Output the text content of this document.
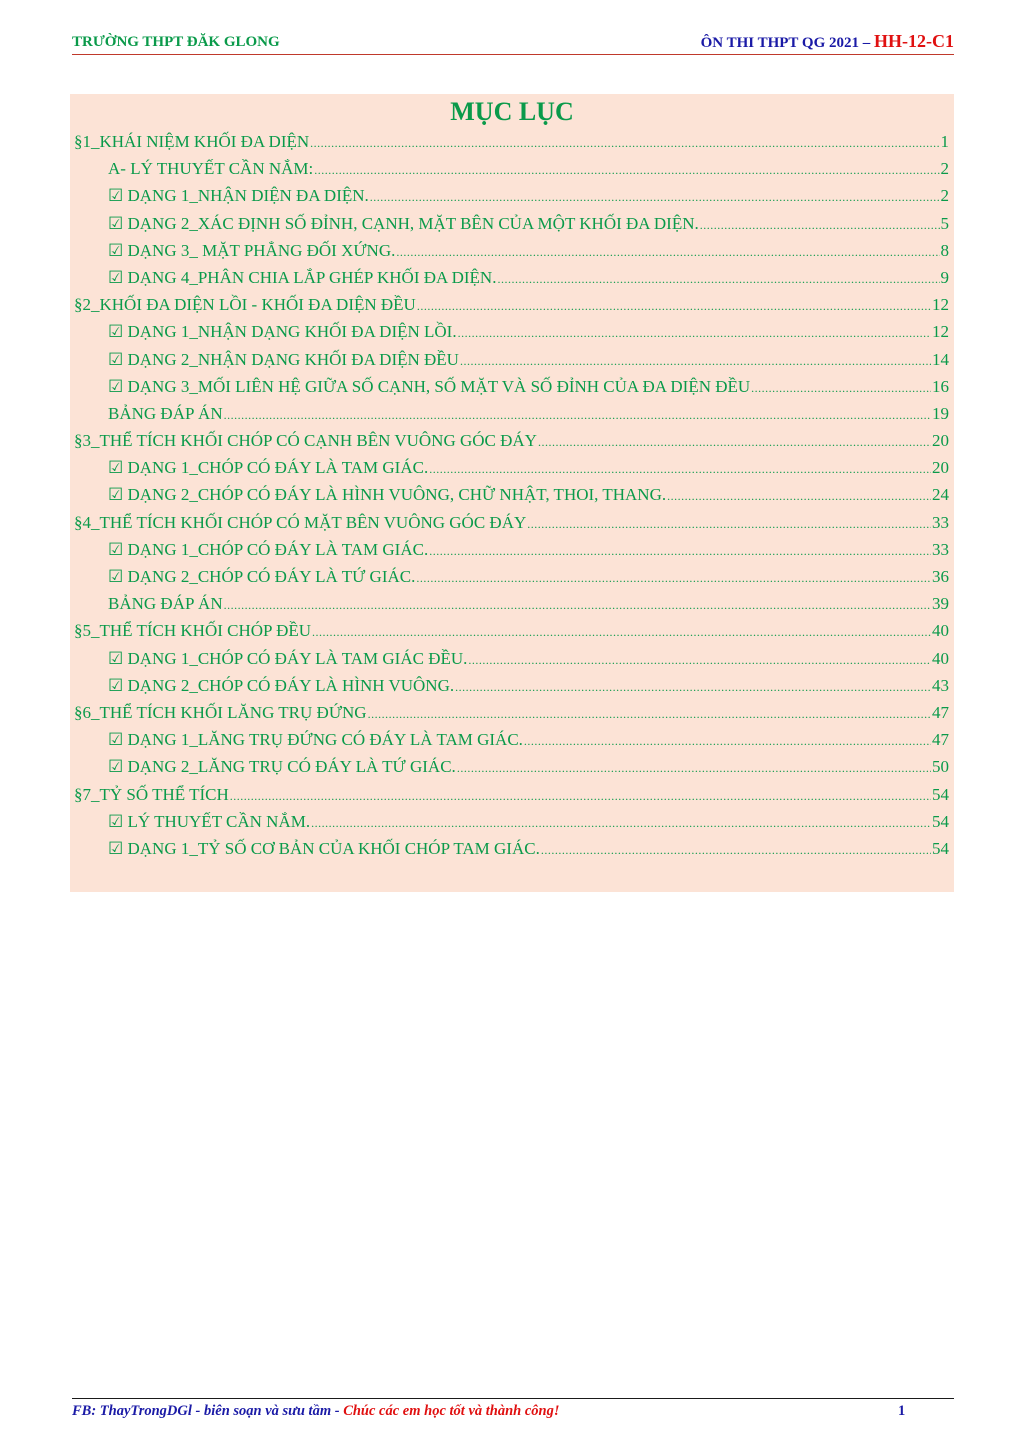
TRƯỜNG THPT ĐĂK GLONG	ÔN THI THPT QG 2021 – HH-12-C1
MỤC LỤC
§1_KHÁI NIỆM KHỐI ĐA DIỆN .....	1
A- LÝ THUYẾT CẦN NẮM: .....	2
☑ DẠNG 1_NHẬN DIỆN ĐA DIỆN. .....	2
☑ DẠNG 2_XÁC ĐỊNH SỐ ĐỈNH, CẠNH, MẶT BÊN CỦA MỘT KHỐI ĐA DIỆN. .....	5
☑ DẠNG 3_ MẶT PHẲNG ĐỐI XỨNG. .....	8
☑ DẠNG 4_PHÂN CHIA LẮP GHÉP KHỐI ĐA DIỆN. .....	9
§2_KHỐI ĐA DIỆN LỒI - KHỐI ĐA DIỆN ĐỀU .....	12
☑ DẠNG 1_NHẬN DẠNG KHỐI ĐA DIỆN LỒI. .....	12
☑ DẠNG 2_NHẬN DẠNG KHỐI ĐA DIỆN ĐỀU .....	14
☑ DẠNG 3_MỐI LIÊN HỆ GIỮA SỐ CẠNH, SỐ MẶT VÀ SỐ ĐỈNH CỦA ĐA DIỆN ĐỀU .....	16
BẢNG ĐÁP ÁN .....	19
§3_THỂ TÍCH KHỐI CHÓP CÓ CẠNH BÊN VUÔNG GÓC ĐÁY .....	20
☑ DẠNG 1_CHÓP CÓ ĐÁY LÀ TAM GIÁC. .....	20
☑ DẠNG 2_CHÓP CÓ ĐÁY LÀ HÌNH VUÔNG, CHỮ NHẬT, THOI, THANG. .....	24
§4_THỂ TÍCH KHỐI CHÓP CÓ MẶT BÊN VUÔNG GÓC ĐÁY .....	33
☑ DẠNG 1_CHÓP CÓ ĐÁY LÀ TAM GIÁC. .....	33
☑ DẠNG 2_CHÓP CÓ ĐÁY LÀ TỨ GIÁC. .....	36
BẢNG ĐÁP ÁN .....	39
§5_THỂ TÍCH KHỐI CHÓP ĐỀU .....	40
☑ DẠNG 1_CHÓP CÓ ĐÁY LÀ TAM GIÁC ĐỀU. .....	40
☑ DẠNG 2_CHÓP CÓ ĐÁY LÀ HÌNH VUÔNG. .....	43
§6_THỂ TÍCH KHỐI LĂNG TRỤ ĐỨNG .....	47
☑ DẠNG 1_LĂNG TRỤ ĐỨNG CÓ ĐÁY LÀ TAM GIÁC. .....	47
☑ DẠNG 2_LĂNG TRỤ CÓ ĐÁY LÀ TỨ GIÁC. .....	50
§7_TỶ SỐ THỂ TÍCH .....	54
☑ LÝ THUYẾT CẦN NẮM. .....	54
☑ DẠNG 1_TỶ SỐ CƠ BẢN CỦA KHỐI CHÓP TAM GIÁC. .....	54
FB: ThayTrongDGl - biên soạn và sưu tầm - Chúc các em học tốt và thành công!	1
